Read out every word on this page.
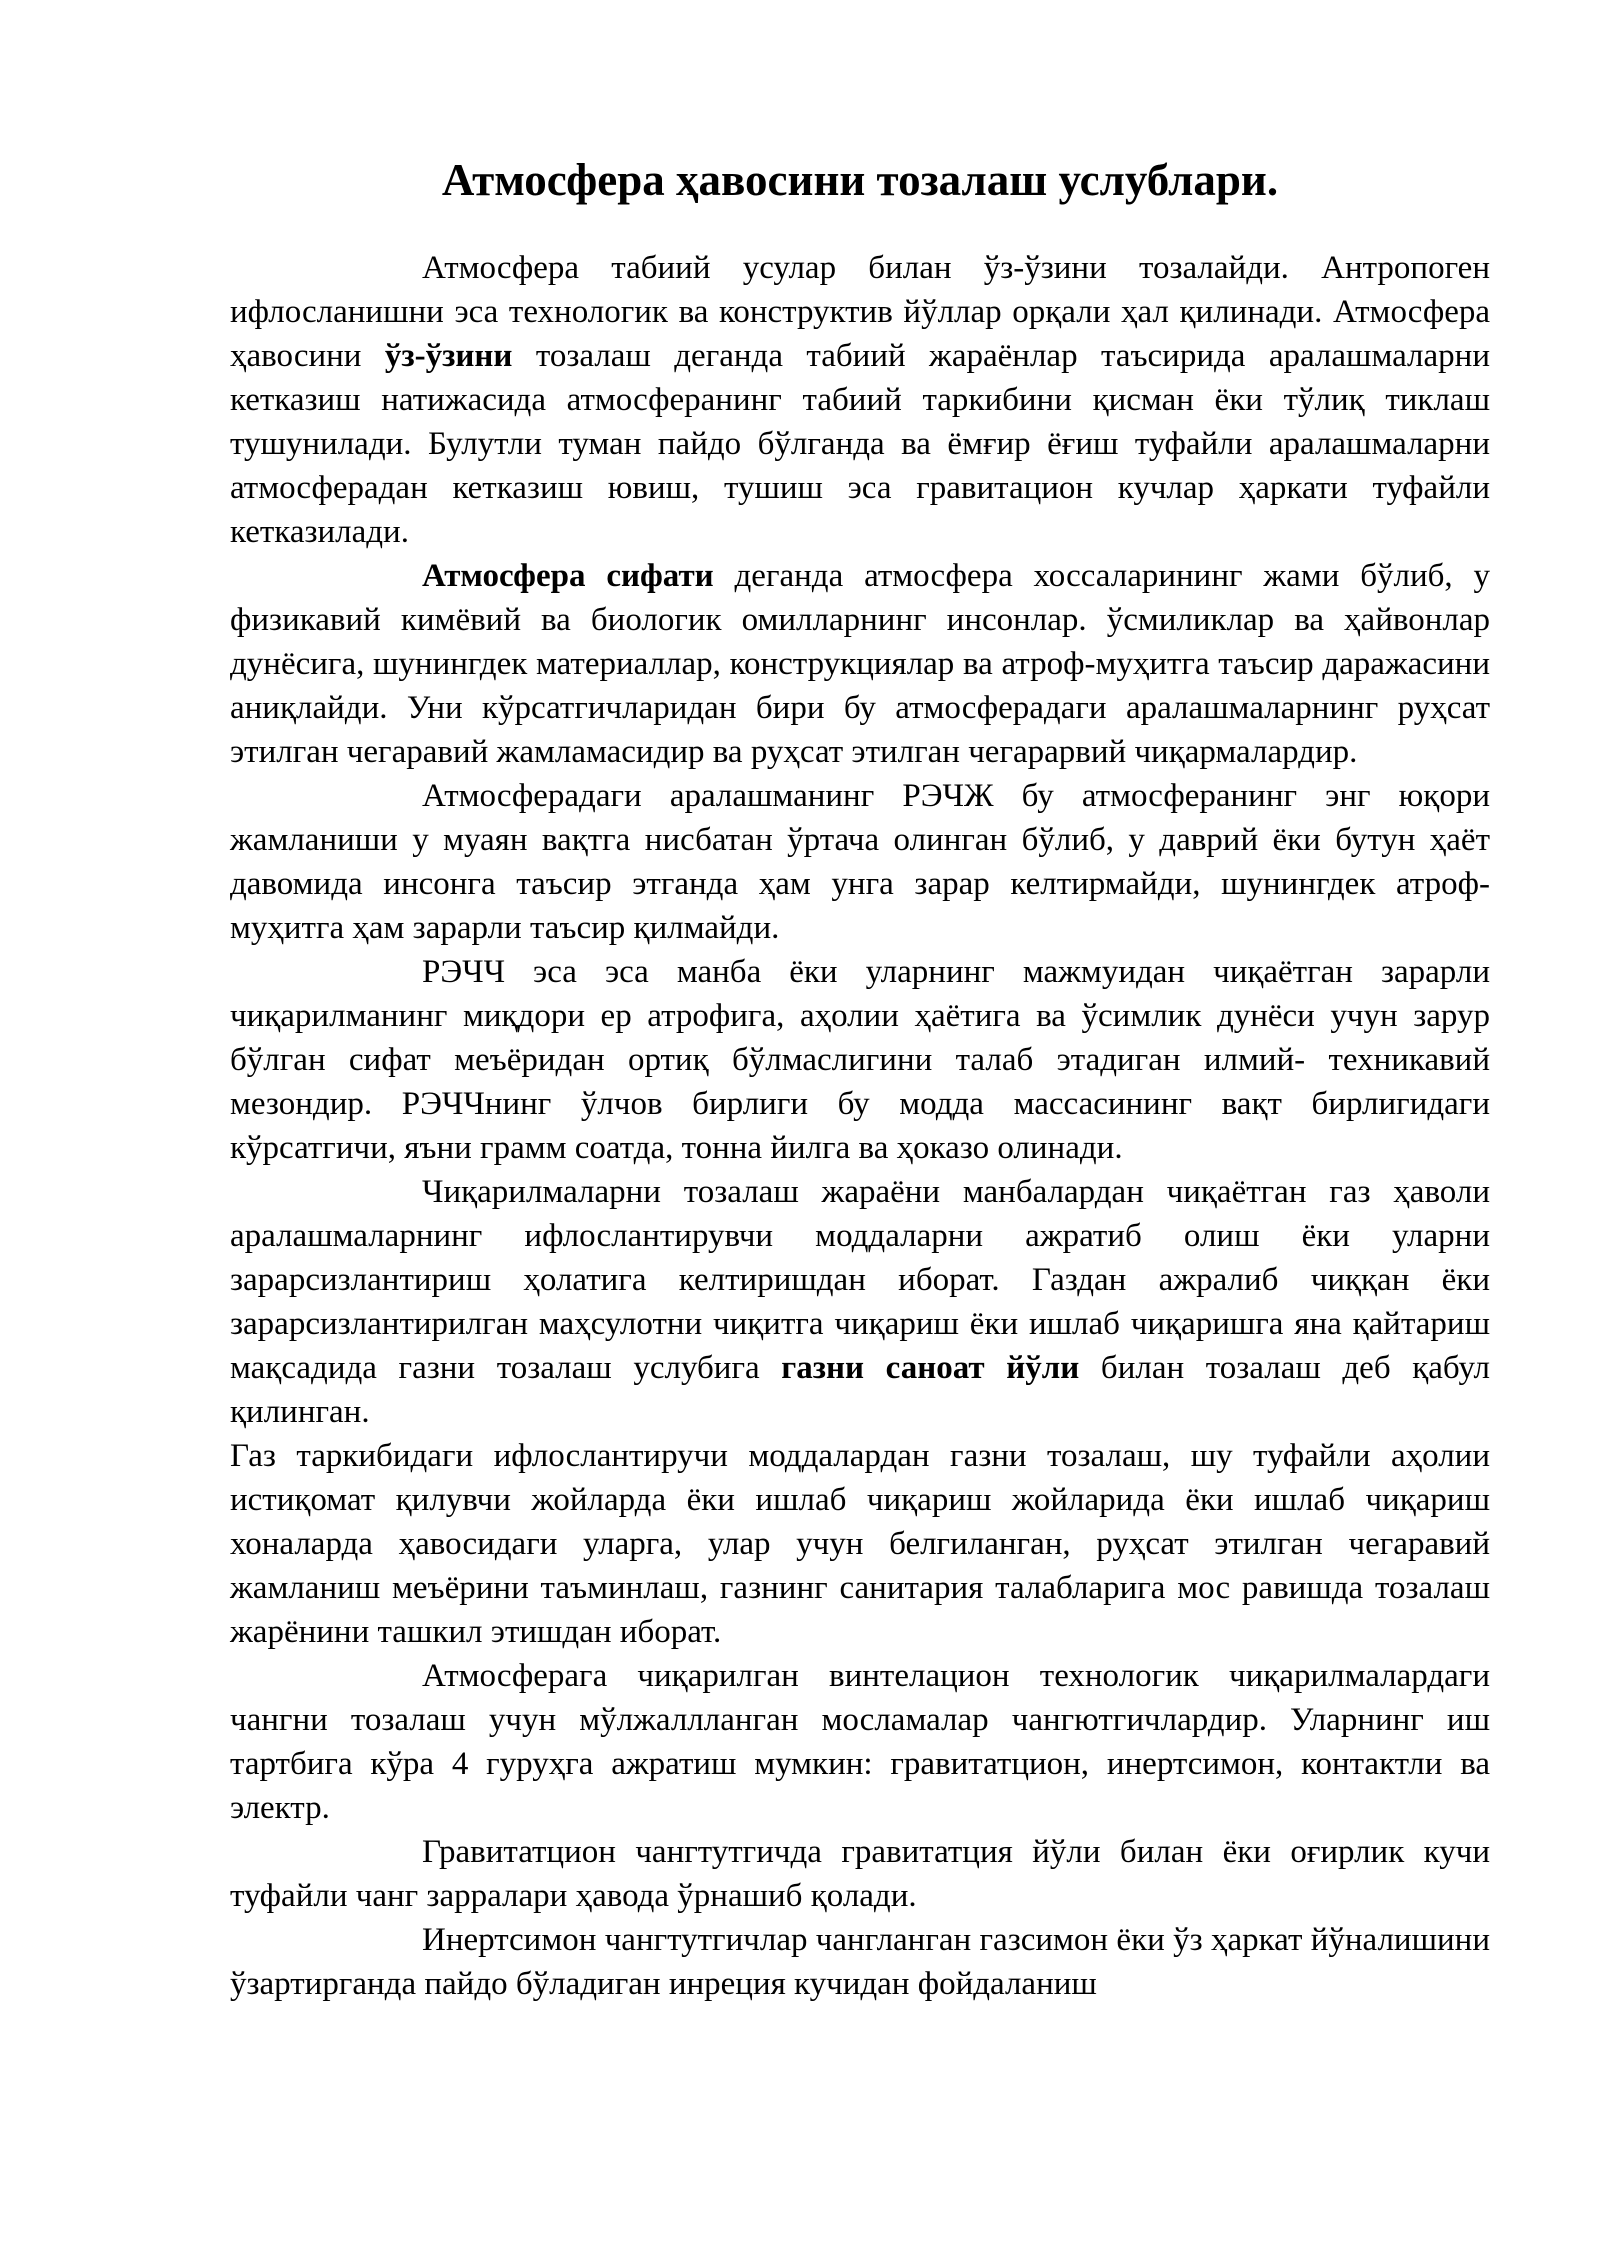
Атмосфера ҳавосини тозалаш услублари.

Атмосфера табиий усулар билан ўз-ўзини тозалайди. Антропоген ифлосланишни эса технологик ва конструктив йўллар орқали ҳал қилинади. Атмосфера ҳавосини ўз-ўзини тозалаш деганда табиий жараёнлар таъсирида аралашмаларни кетказиш натижасида атмосферанинг табиий таркибини қисман ёки тўлиқ тиклаш тушунилади. Булутли туман пайдо бўлганда ва ёмғир ёғиш туфайли аралашмаларни атмосферадан кетказиш ювиш, тушиш эса гравитацион кучлар ҳаркати туфайли кетказилади.

Атмосфера сифати деганда атмосфера хоссаларининг жами бўлиб, у физикавий кимёвий ва биологик омилларнинг инсонлар. ўсмиликлар ва ҳайвонлар дунёсига, шунингдек материаллар, конструкциялар ва атроф-муҳитга таъсир даражасини аниқлайди. Уни кўрсатгичларидан бири бу атмосферадаги аралашмаларнинг руҳсат этилган чегаравий жамламасидир ва руҳсат этилган чегарарвий чиқармалардир.

Атмосферадаги аралашманинг РЭЧЖ бу атмосферанинг энг юқори жамланиши у муаян вақтга нисбатан ўртача олинган бўлиб, у даврий ёки бутун ҳаёт давомида инсонга таъсир этганда ҳам унга зарар келтирмайди, шунингдек атроф-муҳитга ҳам зарарли таъсир қилмайди.

РЭЧЧ эса эса манба ёки уларнинг мажмуидан чиқаётган зарарли чиқарилманинг миқдори ер атрофига, аҳолии ҳаётига ва ўсимлик дунёси учун зарур бўлган сифат меъёридан ортиқ бўлмаслигини талаб этадиган илмий- техникавий мезондир. РЭЧЧнинг ўлчов бирлиги бу модда массасининг вақт бирлигидаги кўрсатгичи, яъни грамм соатда, тонна йилга ва ҳоказо олинади.

Чиқарилмаларни тозалаш жараёни манбалардан чиқаётган газ ҳаволи аралашмаларнинг ифлослантирувчи моддаларни ажратиб олиш ёки уларни зарарсизлантириш ҳолатига келтиришдан иборат. Газдан ажралиб чиққан ёки зарарсизлантирилган маҳсулотни чиқитга чиқариш ёки ишлаб чиқаришга яна қайтариш мақсадида газни тозалаш услубига газни саноат йўли билан тозалаш деб қабул қилинган.

Газ таркибидаги ифлослантиручи моддалардан газни тозалаш, шу туфайли аҳолии истиқомат қилувчи жойларда ёки ишлаб чиқариш жойларида ёки ишлаб чиқариш хоналарда ҳавосидаги уларга, улар учун белгиланган, руҳсат этилган чегаравий жамланиш меъёрини таъминлаш, газнинг санитария талабларига мос равишда тозалаш жарёнини ташкил этишдан иборат.

Атмосферага чиқарилган винтелацион технологик чиқарилмалардаги чангни тозалаш учун мўлжаллланган мосламалар чангютгичлардир. Уларнинг иш тартбига кўра 4 гуруҳга ажратиш мумкин: гравитатцион, инертсимон, контактли ва электр.

Гравитатцион чангтутгичда гравитатция йўли билан ёки оғирлик кучи туфайли чанг зарралари ҳавода ўрнашиб қолади.

Инертсимон чангтутгичлар чангланган газсимон ёки ўз ҳаркат йўналишини ўзартирганда пайдо бўладиган инреция кучидан фойдаланиш
